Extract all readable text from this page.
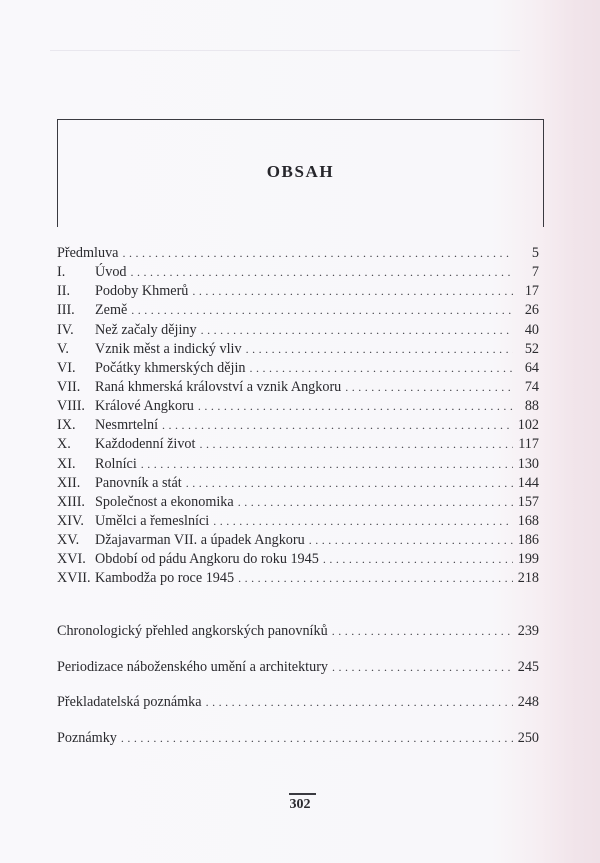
OBSAH
Předmluva . . .	5
I.	Úvod . . .	7
II.	Podoby Khmerů . . .	17
III.	Země . . .	26
IV.	Než začaly dějiny . . .	40
V.	Vznik měst a indický vliv . . .	52
VI.	Počátky khmerských dějin . . .	64
VII.	Raná khmerská království a vznik Angkoru . . .	74
VIII. Králové Angkoru . . .	88
IX.	Nesmrtelní . . .	102
X.	Každodenní život . . .	117
XI.	Rolníci . . .	130
XII.	Panovník a stát . . .	144
XIII. Společnost a ekonomika . . .	157
XIV. Umělci a řemeslníci . . .	168
XV.	Džajavarman VII. a úpadek Angkoru . . .	186
XVI. Období od pádu Angkoru do roku 1945 . . .	199
XVII. Kambodža po roce 1945 . . .	218
Chronologický přehled angkorských panovníků . . .	239
Periodizace náboženského umění a architektury . . .	245
Překladatelská poznámka . . .	248
Poznámky . . .	250
302
